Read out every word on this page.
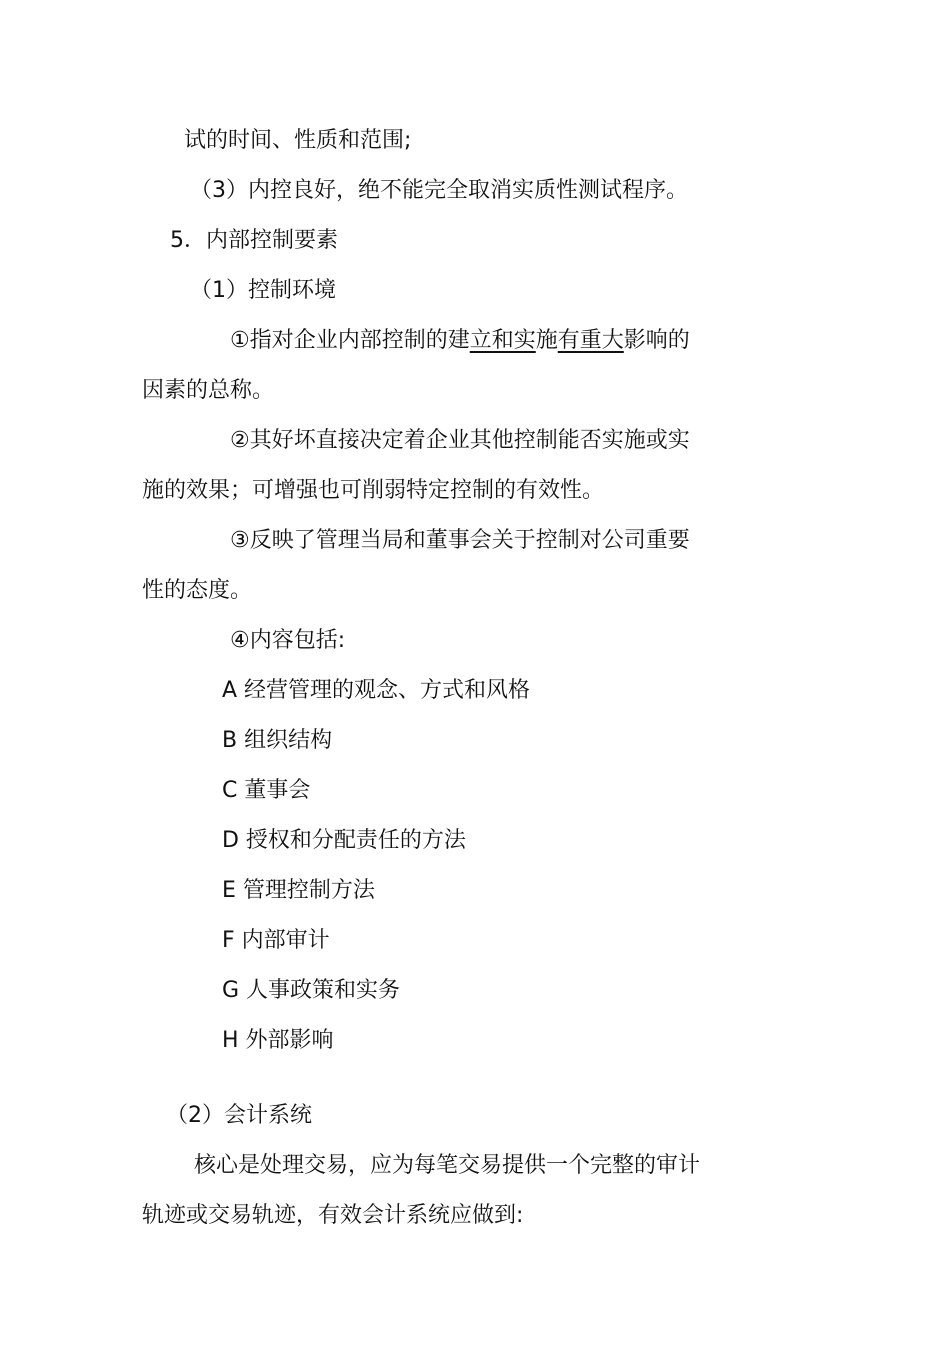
试的时间、性质和范围;

（3）内控良好，绝不能完全取消实质性测试程序。

5．内部控制要素

（1）控制环境

①指对企业内部控制的建立和实施有重大影响的

因素的总称。

②其好坏直接决定着企业其他控制能否实施或实

施的效果；可增强也可削弱特定控制的有效性。

③反映了管理当局和董事会关于控制对公司重要

性的态度。

④内容包括:

A 经营管理的观念、方式和风格

B 组织结构

C 董事会

D 授权和分配责任的方法

E 管理控制方法

F 内部审计

G 人事政策和实务

H 外部影响

（2）会计系统

核心是处理交易，应为每笔交易提供一个完整的审计

轨迹或交易轨迹，有效会计系统应做到:
